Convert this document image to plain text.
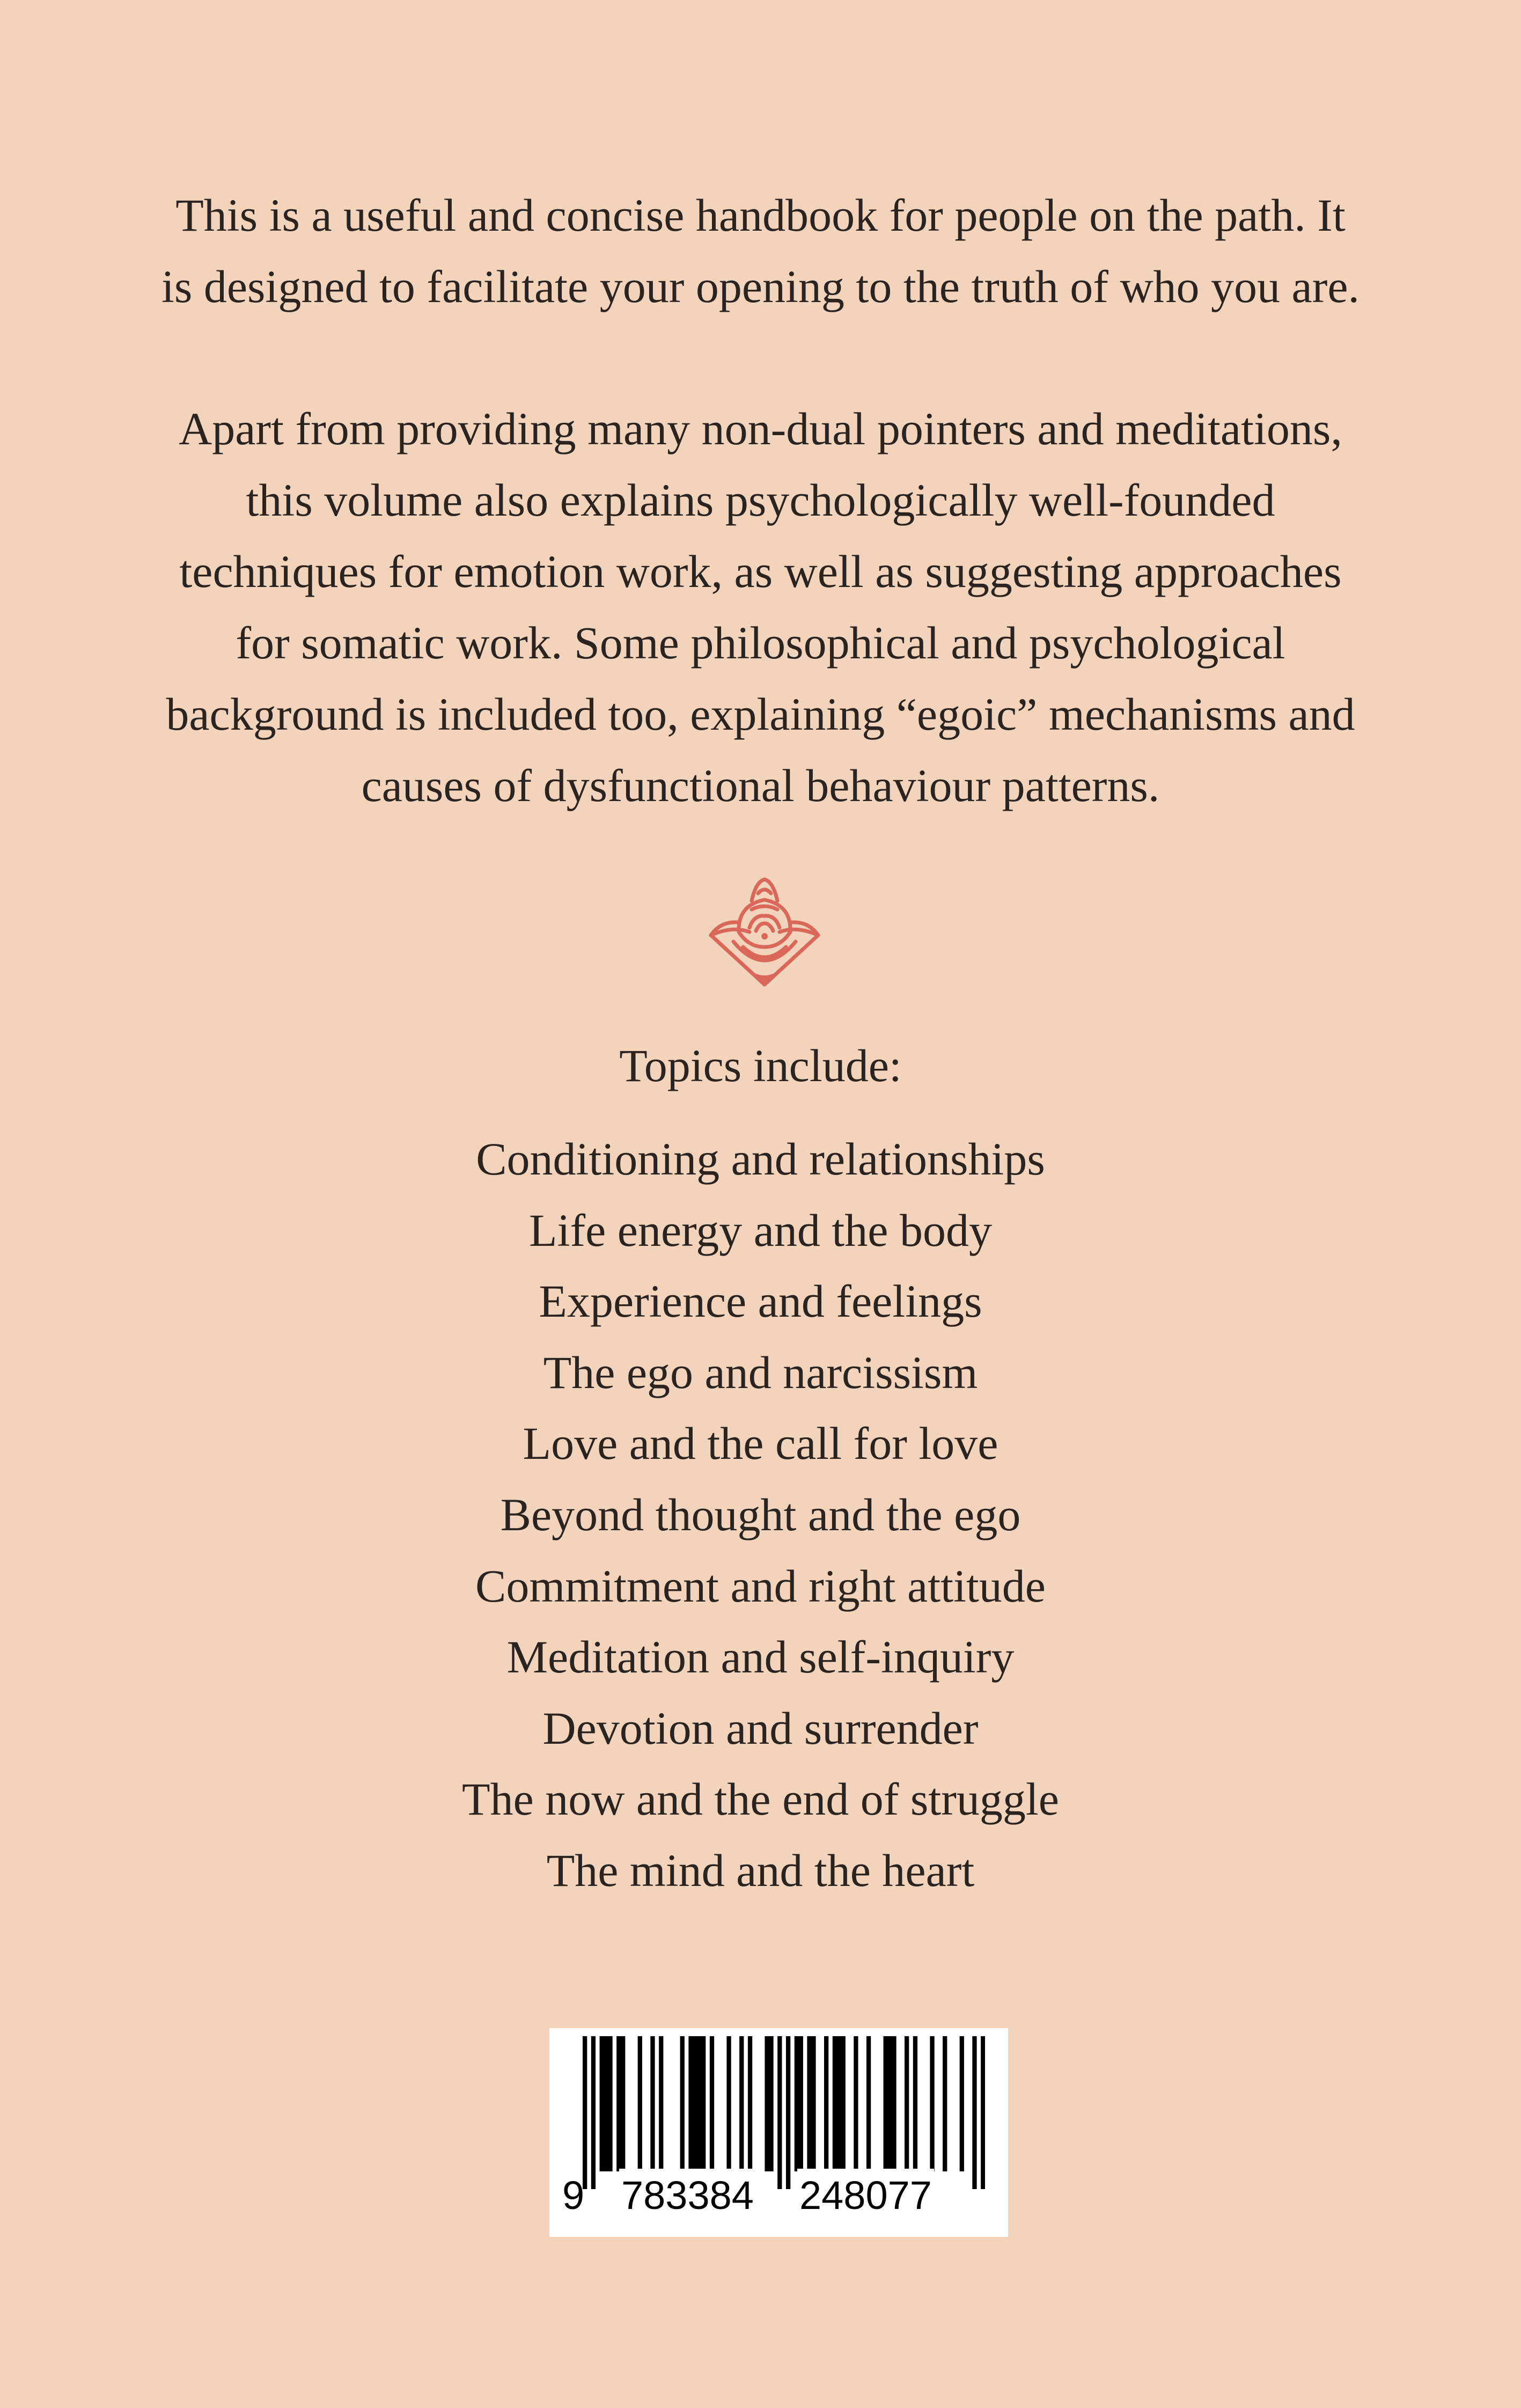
This is a useful and concise handbook for people on the path. It
is designed to facilitate your opening to the truth of who you are.
Apart from providing many non-dual pointers and meditations,
this volume also explains psychologically well-founded
techniques for emotion work, as well as suggesting approaches
for somatic work. Some philosophical and psychological
background is included too, explaining “egoic” mechanisms and
causes of dysfunctional behaviour patterns.
Topics include:
Conditioning and relationships
Life energy and the body
Experience and feelings
The ego and narcissism
Love and the call for love
Beyond thought and the ego
Commitment and right attitude
Meditation and self-inquiry
Devotion and surrender
The now and the end of struggle
The mind and the heart
9 783384 248077
